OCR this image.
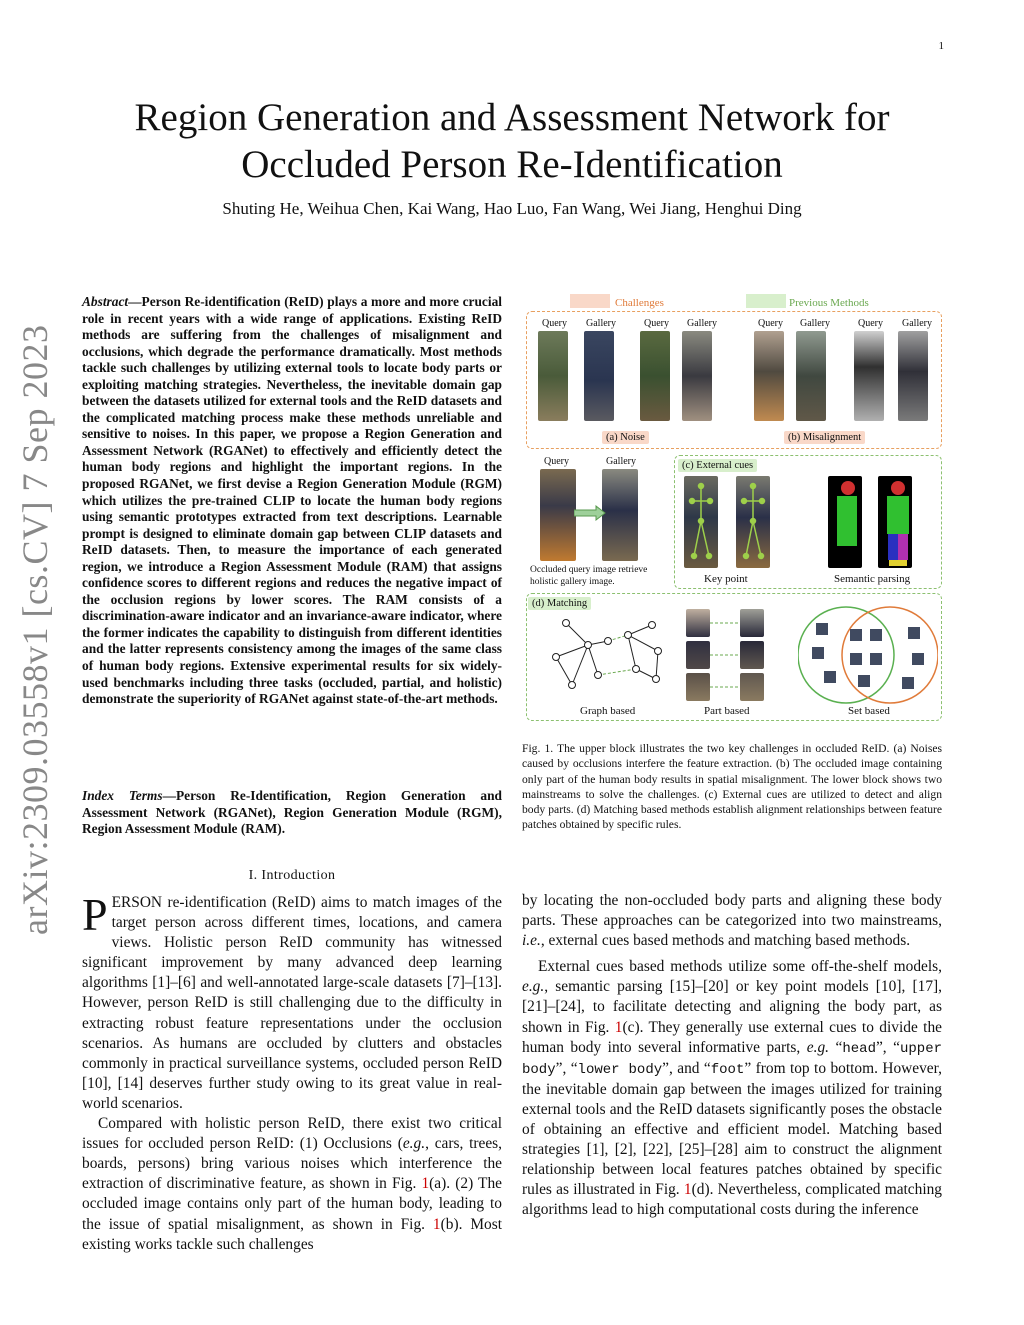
1
arXiv:2309.03558v1 [cs.CV] 7 Sep 2023
Region Generation and Assessment Network for
Occluded Person Re-Identification
Shuting He, Weihua Chen, Kai Wang, Hao Luo, Fan Wang, Wei Jiang, Henghui Ding
Abstract—Person Re-identification (ReID) plays a more and more crucial role in recent years with a wide range of applications. Existing ReID methods are suffering from the challenges of misalignment and occlusions, which degrade the performance dramatically. Most methods tackle such challenges by utilizing external tools to locate body parts or exploiting matching strategies. Nevertheless, the inevitable domain gap between the datasets utilized for external tools and the ReID datasets and the complicated matching process make these methods unreliable and sensitive to noises. In this paper, we propose a Region Generation and Assessment Network (RGANet) to effectively and efficiently detect the human body regions and highlight the important regions. In the proposed RGANet, we first devise a Region Generation Module (RGM) which utilizes the pre-trained CLIP to locate the human body regions using semantic prototypes extracted from text descriptions. Learnable prompt is designed to eliminate domain gap between CLIP datasets and ReID datasets. Then, to measure the importance of each generated region, we introduce a Region Assessment Module (RAM) that assigns confidence scores to different regions and reduces the negative impact of the occlusion regions by lower scores. The RAM consists of a discrimination-aware indicator and an invariance-aware indicator, where the former indicates the capability to distinguish from different identities and the latter represents consistency among the images of the same class of human body regions. Extensive experimental results for six widely-used benchmarks including three tasks (occluded, partial, and holistic) demonstrate the superiority of RGANet against state-of-the-art methods.
Index Terms—Person Re-Identification, Region Generation and Assessment Network (RGANet), Region Generation Module (RGM), Region Assessment Module (RAM).
I. Introduction

PERSON re-identification (ReID) aims to match images of the target person across different times, locations, and camera views. Holistic person ReID community has witnessed significant improvement by many advanced deep learning algorithms [1]–[6] and well-annotated large-scale datasets [7]–[13]. However, person ReID is still challenging due to the difficulty in extracting robust feature representations under the occlusion scenarios. As humans are occluded by clutters and obstacles commonly in practical surveillance systems, occluded person ReID [10], [14] deserves further study owing to its great value in real-world scenarios.

Compared with holistic person ReID, there exist two critical issues for occluded person ReID: (1) Occlusions (e.g., cars, trees, boards, persons) bring various noises which interference the extraction of discriminative feature, as shown in Fig. 1(a). (2) The occluded image contains only part of the human body, leading to the issue of spatial misalignment, as shown in Fig. 1(b). Most existing works tackle such challenges

Challenges	Previous Methods
Query Gallery	Query Gallery	Query Gallery	Query Gallery
(a) Noise	(b) Misalignment
Query	Gallery
Occluded query image retrieve
holistic gallery image.
(c) External cues
Key point	Semantic parsing
(d) Matching
Graph based	Part based	Set based
Fig. 1. The upper block illustrates the two key challenges in occluded ReID. (a) Noises caused by occlusions interfere the feature extraction. (b) The occluded image containing only part of the human body results in spatial misalignment. The lower block shows two mainstreams to solve the challenges. (c) External cues are utilized to detect and align body parts. (d) Matching based methods establish alignment relationships between feature patches obtained by specific rules.

by locating the non-occluded body parts and aligning these body parts. These approaches can be categorized into two mainstreams, i.e., external cues based methods and matching based methods.

External cues based methods utilize some off-the-shelf models, e.g., semantic parsing [15]–[20] or key point models [10], [17], [21]–[24], to facilitate detecting and aligning the body part, as shown in Fig. 1(c). They generally use external cues to divide the human body into several informative parts, e.g. “head”, “upper body”, “lower body”, and “foot” from top to bottom. However, the inevitable domain gap between the images utilized for training external tools and the ReID datasets significantly poses the obstacle of obtaining an effective and efficient model. Matching based strategies [1], [2], [22], [25]–[28] aim to construct the alignment relationship between local features patches obtained by specific rules as illustrated in Fig. 1(d). Nevertheless, complicated matching algorithms lead to high computational costs during the inference
